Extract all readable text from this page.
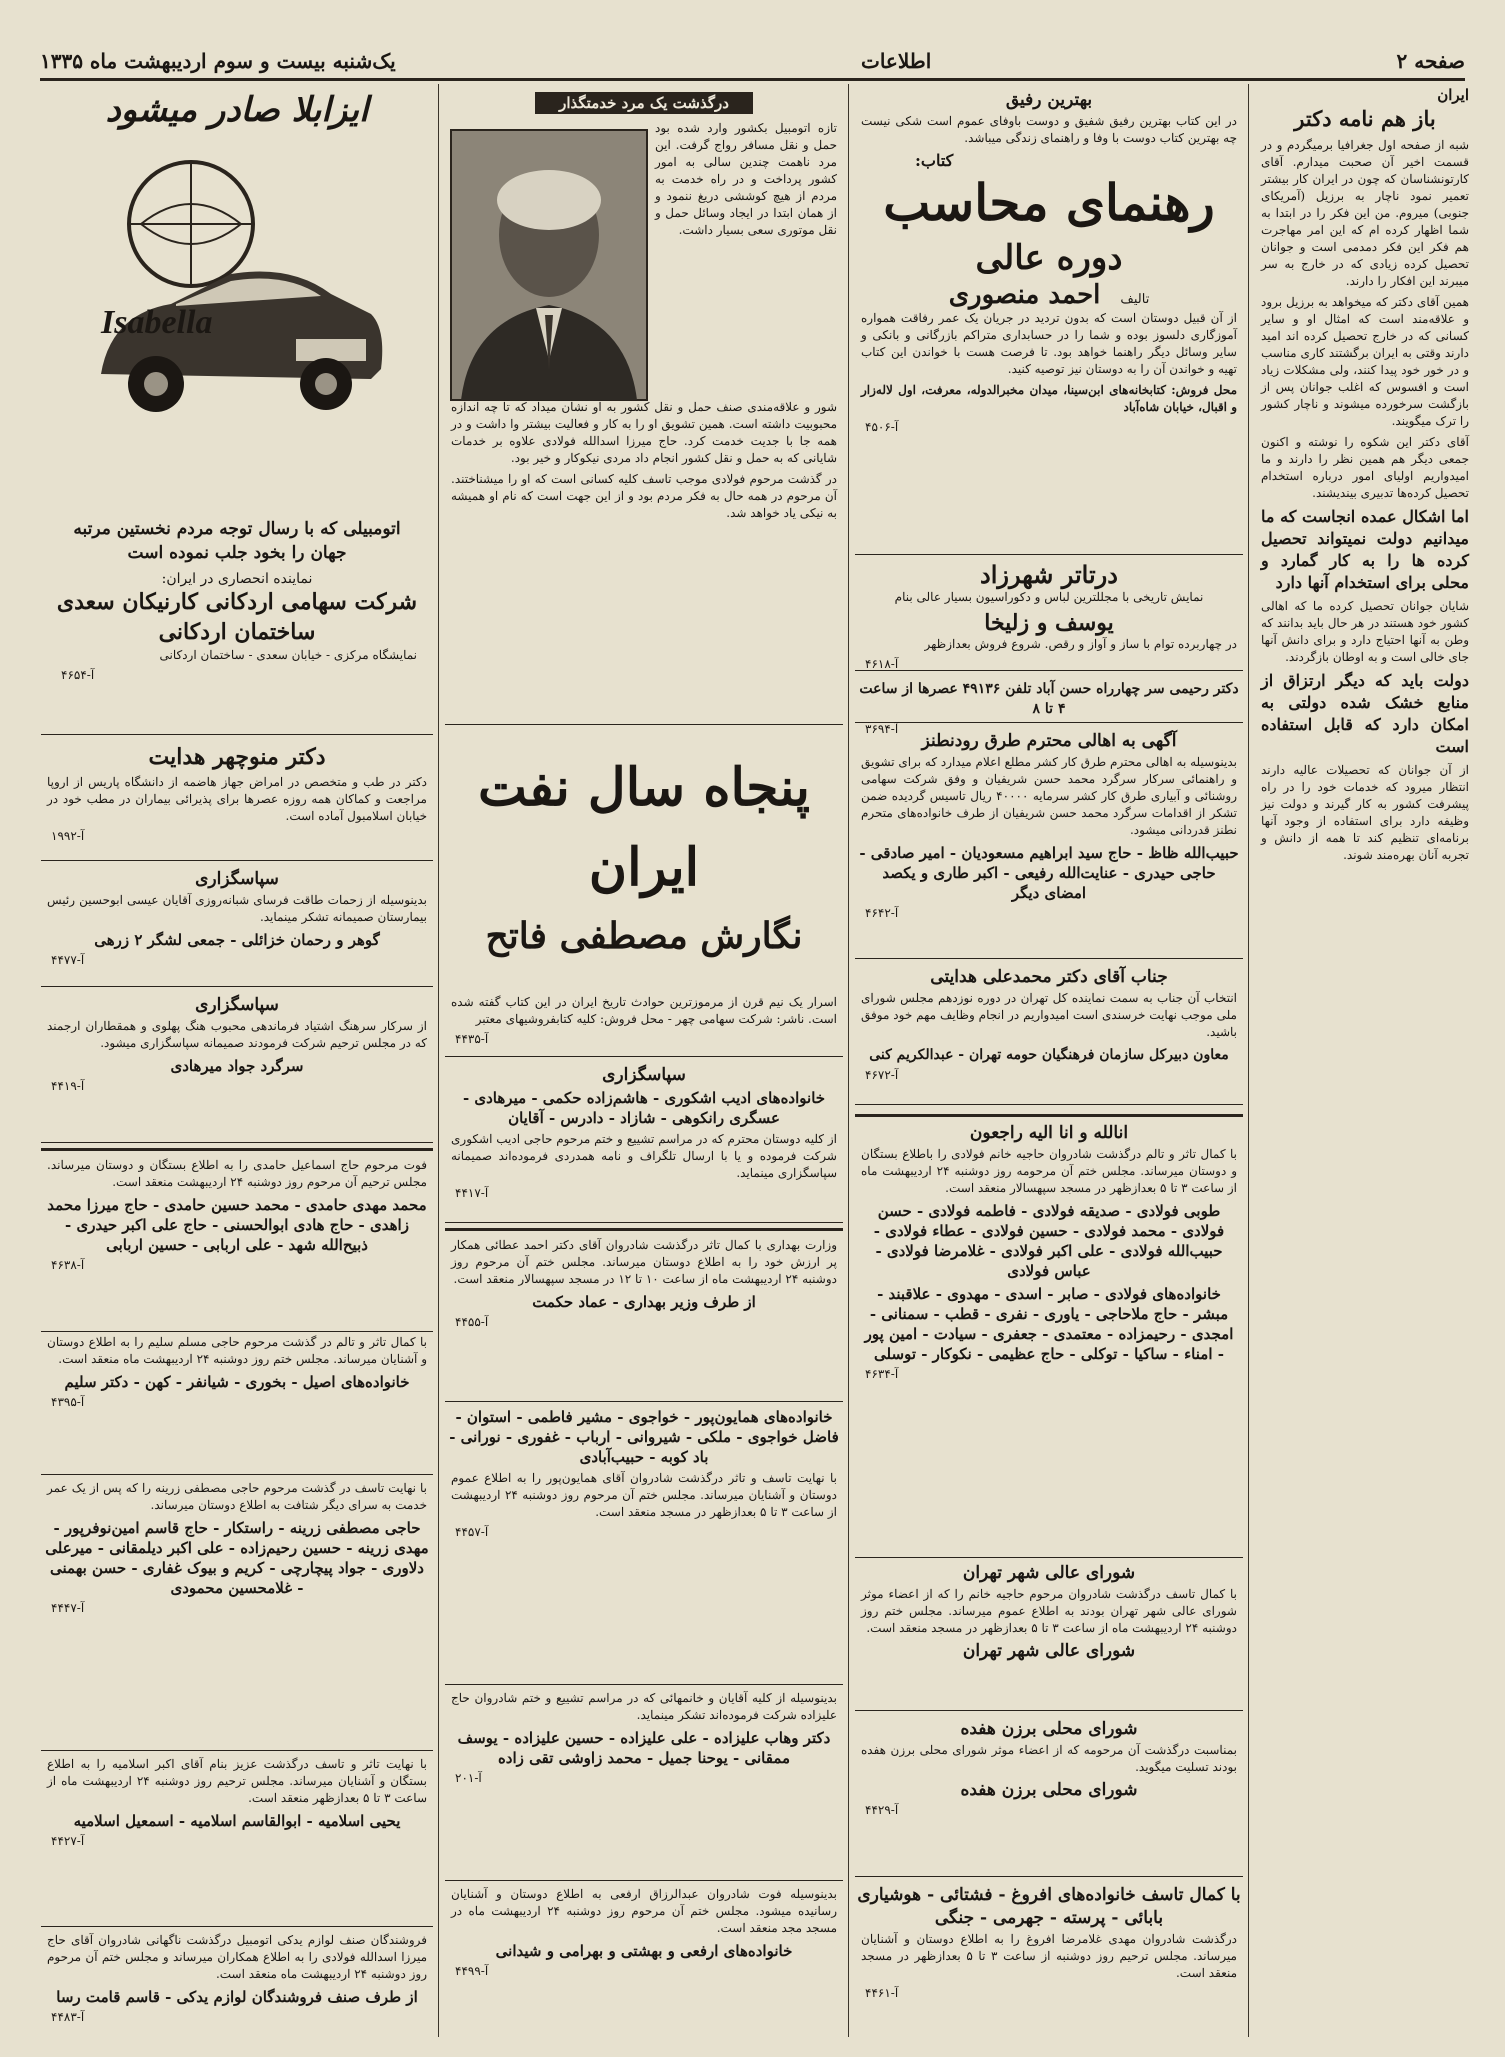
صفحه ۲
اطلاعات
یک‌شنبه بیست و سوم اردیبهشت ماه ۱۳۳۵
ایران
باز هم نامه دکتر

شبه از صفحه اول جغرافیا برمیگردم و در قسمت اخیر آن صحبت میدارم. آقای کارتونشناسان که چون در ایران کار بیشتر تعمیر نمود ناچار به برزیل (آمریکای جنوبی) میروم. من این فکر را در ابتدا به شما اظهار کرده ام که این امر مهاجرت هم فکر این فکر دمدمی است و جوانان تحصیل کرده زیادی که در خارج به سر میبرند این افکار را دارند.

همین آقای دکتر که میخواهد به برزیل برود و علاقه‌مند است که امثال او و سایر کسانی که در خارج تحصیل کرده اند امید دارند وقتی به ایران برگشتند کاری مناسب و در خور خود پیدا کنند، ولی مشکلات زیاد است و افسوس که اغلب جوانان پس از بازگشت سرخورده میشوند و ناچار کشور را ترک میگویند.

آقای دکتر این شکوه را نوشته و اکنون جمعی دیگر هم همین نظر را دارند و ما امیدواریم اولیای امور درباره استخدام تحصیل کرده‌ها تدبیری بیندیشند.

اما اشکال عمده انجاست که ما میدانیم دولت نمیتواند تحصیل کرده ها را به کار گمارد و محلی برای استخدام آنها دارد

شایان جوانان تحصیل کرده ما که اهالی کشور خود هستند در هر حال باید بدانند که وطن به آنها احتیاج دارد و برای دانش آنها جای خالی است و به اوطان بازگردند.

دولت باید که دیگر ارتزاق از منابع خشک شده دولتی به امکان دارد که قابل استفاده است

از آن جوانان که تحصیلات عالیه دارند انتظار میرود که خدمات خود را در راه پیشرفت کشور به کار گیرند و دولت نیز وظیفه دارد برای استفاده از وجود آنها برنامه‌ای تنظیم کند تا همه از دانش و تجربه آنان بهره‌مند شوند.

بهترین رفیق

در این کتاب بهترین رفیق شفیق و دوست باوفای عموم است شکی نیست چه بهترین کتاب دوست با وفا و راهنمای زندگی میباشد.

کتاب:
رهنمای محاسب
دوره عالی
تالیف
احمد منصوری

از آن قبیل دوستان است که بدون تردید در جریان یک عمر رفاقت همواره آموزگاری دلسوز بوده و شما را در حسابداری متراکم بازرگانی و بانکی و سایر وسائل دیگر راهنما خواهد بود. تا فرصت هست با خواندن این کتاب تهیه و خواندن آن را به دوستان نیز توصیه کنید.

محل فروش: کتابخانه‌های ابن‌سینا، میدان مخبرالدوله، معرفت، اول لاله‌زار و اقبال، خیابان شاه‌آباد

آ-۴۵۰۶
درتاتر شهرزاد

نمایش تاریخی با مجللترین لباس و دکوراسیون بسیار عالی بنام

یوسف و زلیخا

در چهاربرده توام با ساز و آواز و رقص. شروع فروش بعدازظهر

آ-۴۶۱۸
دکتر رحیمی سر چهارراه حسن آباد تلفن ۴۹۱۳۶ عصرها از ساعت ۴ تا ۸
آ-۳۶۹۴
آگهی به اهالی محترم طرق رودنطنز

بدینوسیله به اهالی محترم طرق کار کشر مطلع اعلام میدارد که برای تشویق و راهنمائی سرکار سرگرد محمد حسن شریفیان و وفق شرکت سهامی روشنائی و آبیاری طرق کار کشر سرمایه ۴۰۰۰۰ ریال تاسیس گردیده ضمن تشکر از اقدامات سرگرد محمد حسن شریفیان از طرف خانواده‌های متحرم نطنز قدردانی میشود.

حبیب‌الله ظاظ - حاج سید ابراهیم مسعودیان - امیر صادقی - حاجی حیدری - عنایت‌الله رفیعی - اکبر طاری و یکصد امضای دیگر

آ-۴۶۴۲
جناب آقای دکتر محمدعلی هدایتی

انتخاب آن جناب به سمت نماینده کل تهران در دوره نوزدهم مجلس شورای ملی موجب نهایت خرسندی است امیدواریم در انجام وظایف مهم خود موفق باشید.

معاون دبیرکل سازمان فرهنگیان حومه تهران - عبدالکریم کنی

آ-۴۶۷۲
انالله و انا الیه راجعون

با کمال تاثر و تالم درگذشت شادروان حاجیه خانم فولادی را باطلاع بستگان و دوستان میرساند. مجلس ختم آن مرحومه روز دوشنبه ۲۴ اردیبهشت ماه از ساعت ۳ تا ۵ بعدازظهر در مسجد سپهسالار منعقد است.

طوبی فولادی - صدیقه فولادی - فاطمه فولادی - حسن فولادی - محمد فولادی - حسین فولادی - عطاء فولادی - حبیب‌الله فولادی - علی اکبر فولادی - غلامرضا فولادی - عباس فولادی

خانواده‌های فولادی - صابر - اسدی - مهدوی - علاقبند - مبشر - حاج ملاحاجی - یاوری - نفری - قطب - سمنانی - امجدی - رحیمزاده - معتمدی - جعفری - سیادت - امین پور - امناء - ساکیا - توکلی - حاج عظیمی - نکوکار - توسلی

آ-۴۶۳۴
شورای عالی شهر تهران

با کمال تاسف درگذشت شادروان مرحوم حاجیه خانم را که از اعضاء موثر شورای عالی شهر تهران بودند به اطلاع عموم میرساند. مجلس ختم روز دوشنبه ۲۴ اردیبهشت ماه از ساعت ۳ تا ۵ بعدازظهر در مسجد منعقد است.

شورای عالی شهر تهران
شورای محلی برزن هفده

بمناسبت درگذشت آن مرحومه که از اعضاء موثر شورای محلی برزن هفده بودند تسلیت میگوید.

شورای محلی برزن هفده
آ-۴۴۲۹
با کمال تاسف خانواده‌های افروغ - فشتائی - هوشیاری
بابائی - پرسته - جهرمی - جنگی

درگذشت شادروان مهدی غلامرضا افروغ را به اطلاع دوستان و آشنایان میرساند. مجلس ترحیم روز دوشنبه از ساعت ۳ تا ۵ بعدازظهر در مسجد منعقد است.

آ-۴۴۶۱
درگذشت یک مرد خدمتگذار

تازه اتومبیل بکشور وارد شده بود حمل و نقل مسافر رواج گرفت. این مرد ناهمت چندین سالی به امور کشور پرداخت و در راه خدمت به مردم از هیچ کوششی دریغ ننمود و از همان ابتدا در ایجاد وسائل حمل و نقل موتوری سعی بسیار داشت.

شور و علاقه‌مندی صنف حمل و نقل کشور به او نشان میداد که تا چه اندازه محبوبیت داشته است. همین تشویق او را به کار و فعالیت بیشتر وا داشت و در همه جا با جدیت خدمت کرد. حاج میرزا اسدالله فولادی علاوه بر خدمات شایانی که به حمل و نقل کشور انجام داد مردی نیکوکار و خیر بود.

در گذشت مرحوم فولادی موجب تاسف کلیه کسانی است که او را میشناختند. آن مرحوم در همه حال به فکر مردم بود و از این جهت است که نام او همیشه به نیکی یاد خواهد شد.

پنجاه سال نفت ایران
نگارش مصطفی فاتح

اسرار یک نیم قرن از مرموزترین حوادث تاریخ ایران در این کتاب گفته شده است. ناشر: شرکت سهامی چهر - محل فروش: کلیه کتابفروشیهای معتبر

آ-۴۴۳۵
سپاسگزاری

خانواده‌های ادیب اشکوری - هاشم‌زاده حکمی - میرهادی - عسگری رانکوهی - شازاد - دادرس - آقایان

از کلیه دوستان محترم که در مراسم تشییع و ختم مرحوم حاجی ادیب اشکوری شرکت فرموده و یا با ارسال تلگراف و نامه همدردی فرموده‌اند صمیمانه سپاسگزاری مینماید.

آ-۴۴۱۷

وزارت بهداری با کمال تاثر درگذشت شادروان آقای دکتر احمد عطائی همکار پر ارزش خود را به اطلاع دوستان میرساند. مجلس ختم آن مرحوم روز دوشنبه ۲۴ اردیبهشت ماه از ساعت ۱۰ تا ۱۲ در مسجد سپهسالار منعقد است.

از طرف وزیر بهداری - عماد حکمت
آ-۴۴۵۵

خانواده‌های همایون‌پور - خواجوی - مشیر فاطمی - استوان - فاضل خواجوی - ملکی - شیروانی - ارباب - غفوری - نورانی - باد کوبه - حبیب‌آبادی

با نهایت تاسف و تاثر درگذشت شادروان آقای همایون‌پور را به اطلاع عموم دوستان و آشنایان میرساند. مجلس ختم آن مرحوم روز دوشنبه ۲۴ اردیبهشت از ساعت ۳ تا ۵ بعدازظهر در مسجد منعقد است.

آ-۴۴۵۷

بدینوسیله از کلیه آقایان و خانمهائی که در مراسم تشییع و ختم شادروان حاج علیزاده شرکت فرموده‌اند تشکر مینماید.

دکتر وهاب علیزاده - علی علیزاده - حسین علیزاده - یوسف ممقانی - یوحنا جمیل - محمد زاوشی تقی زاده

آ-۲۰۱

بدینوسیله فوت شادروان عبدالرزاق ارفعی به اطلاع دوستان و آشنایان رسانیده میشود. مجلس ختم آن مرحوم روز دوشنبه ۲۴ اردیبهشت ماه در مسجد مجد منعقد است.

خانواده‌های ارفعی و بهشتی و بهرامی و شیدانی

آ-۴۴۹۹
ایزابلا صادر میشود
Isabella

اتومبیلی که با رسال توجه مردم نخستین مرتبه جهان را بخود جلب نموده است

نماینده انحصاری در ایران:
شرکت سهامی اردکانی کارنیکان سعدی ساختمان اردکانی

نمایشگاه مرکزی - خیابان سعدی - ساختمان اردکانی

آ-۴۶۵۴
دکتر منوچهر هدایت

دکتر در طب و متخصص در امراض جهاز هاضمه از دانشگاه پاریس از اروپا مراجعت و کماکان همه روزه عصرها برای پذیرائی بیماران در مطب خود در خیابان اسلامبول آماده است.

آ-۱۹۹۲
سپاسگزاری

بدینوسیله از زحمات طاقت فرسای شبانه‌روزی آقایان عیسی ابوحسین رئیس بیمارستان صمیمانه تشکر مینماید.

گوهر و رحمان خزائلی - جمعی لشگر ۲ زرهی

آ-۴۴۷۷
سپاسگزاری

از سرکار سرهنگ اشتیاد فرماندهی محبوب هنگ پهلوی و همقطاران ارجمند که در مجلس ترحیم شرکت فرمودند صمیمانه سپاسگزاری میشود.

سرگرد جواد میرهادی

آ-۴۴۱۹

فوت مرحوم حاج اسماعیل حامدی را به اطلاع بستگان و دوستان میرساند. مجلس ترحیم آن مرحوم روز دوشنبه ۲۴ اردیبهشت منعقد است.

محمد مهدی حامدی - محمد حسین حامدی - حاج میرزا محمد زاهدی - حاج هادی ابوالحسنی - حاج علی اکبر حیدری - ذبیح‌الله شهد - علی اربابی - حسین اربابی

آ-۴۶۳۸

با کمال تاثر و تالم در گذشت مرحوم حاجی مسلم سلیم را به اطلاع دوستان و آشنایان میرساند. مجلس ختم روز دوشنبه ۲۴ اردیبهشت ماه منعقد است.

خانواده‌های اصیل - بخوری - شیانفر - کهن - دکتر سلیم

آ-۴۳۹۵

با نهایت تاسف در گذشت مرحوم حاجی مصطفی زرینه را که پس از یک عمر خدمت به سرای دیگر شتافت به اطلاع دوستان میرساند.

حاجی مصطفی زرینه - راستکار - حاج قاسم امین‌نوفرپور - مهدی زرینه - حسین رحیم‌زاده - علی اکبر دیلمقانی - میرعلی دلاوری - جواد پیچارچی - کریم و بیوک غفاری - حسن بهمنی - غلامحسین محمودی

آ-۴۴۴۷

با نهایت تاثر و تاسف درگذشت عزیز بنام آقای اکبر اسلامیه را به اطلاع بستگان و آشنایان میرساند. مجلس ترحیم روز دوشنبه ۲۴ اردیبهشت ماه از ساعت ۳ تا ۵ بعدازظهر منعقد است.

یحیی اسلامیه - ابوالقاسم اسلامیه - اسمعیل اسلامیه

آ-۴۴۲۷

فروشندگان صنف لوازم یدکی اتومبیل درگذشت ناگهانی شادروان آقای حاج میرزا اسدالله فولادی را به اطلاع همکاران میرساند و مجلس ختم آن مرحوم روز دوشنبه ۲۴ اردیبهشت ماه منعقد است.

از طرف صنف فروشندگان لوازم یدکی - قاسم قامت رسا

آ-۴۴۸۳
